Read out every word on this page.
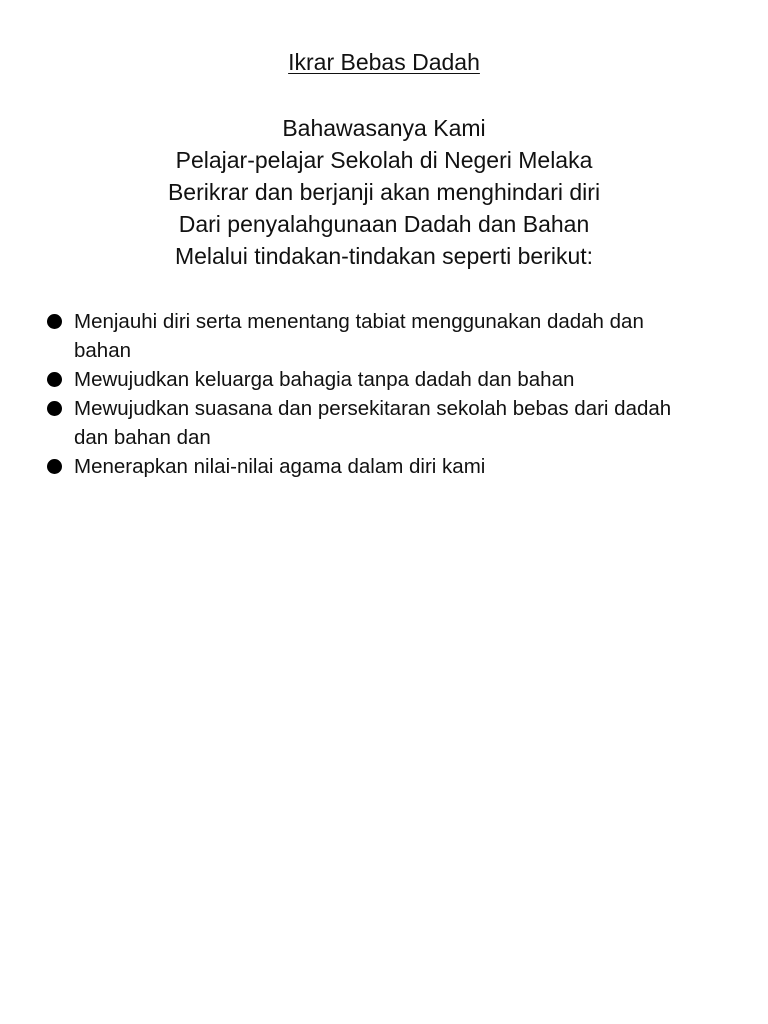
Ikrar Bebas Dadah
Bahawasanya Kami
Pelajar-pelajar Sekolah di Negeri Melaka
Berikrar dan berjanji akan menghindari diri
Dari penyalahgunaan Dadah dan Bahan
Melalui tindakan-tindakan seperti berikut:
Menjauhi diri serta menentang tabiat menggunakan dadah dan bahan
Mewujudkan keluarga bahagia tanpa dadah dan bahan
Mewujudkan suasana dan persekitaran sekolah bebas dari dadah dan bahan dan
Menerapkan nilai-nilai agama dalam diri kami
